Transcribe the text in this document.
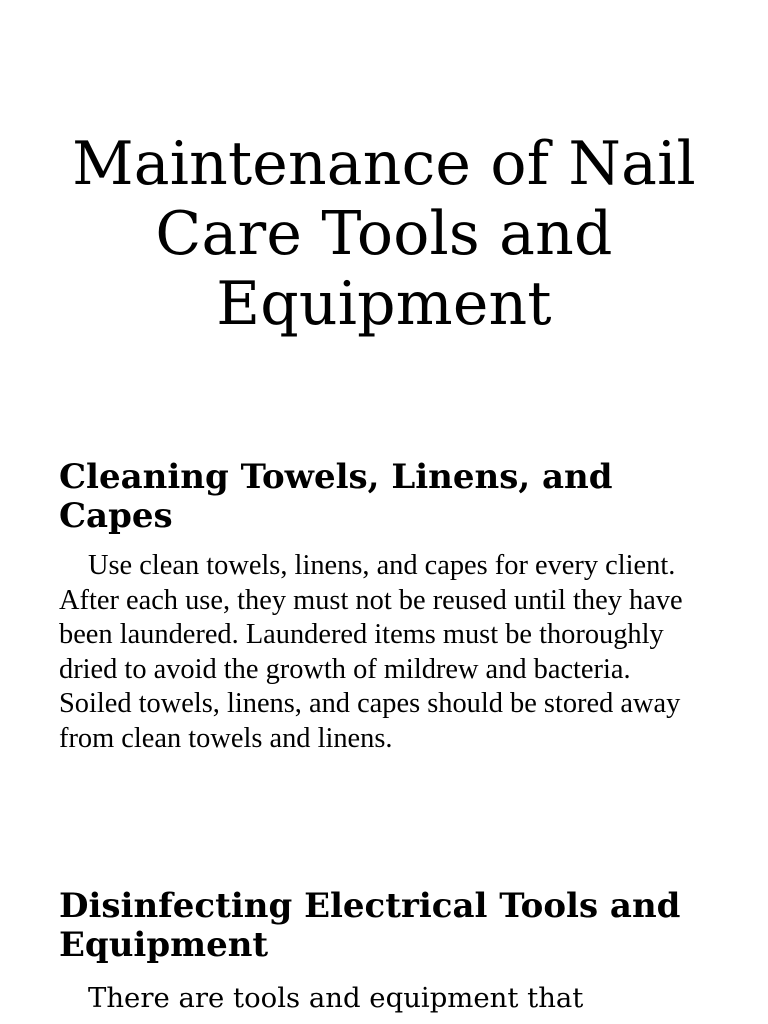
Maintenance of Nail Care Tools and Equipment
Cleaning Towels, Linens, and Capes

Use clean towels, linens, and capes for every client. After each use, they must not be reused until they have been laundered. Laundered items must be thoroughly dried to avoid the growth of mildrew and bacteria. Soiled towels, linens, and capes should be stored away from clean towels and linens.

Disinfecting Electrical Tools and Equipment

There are tools and equipment that
